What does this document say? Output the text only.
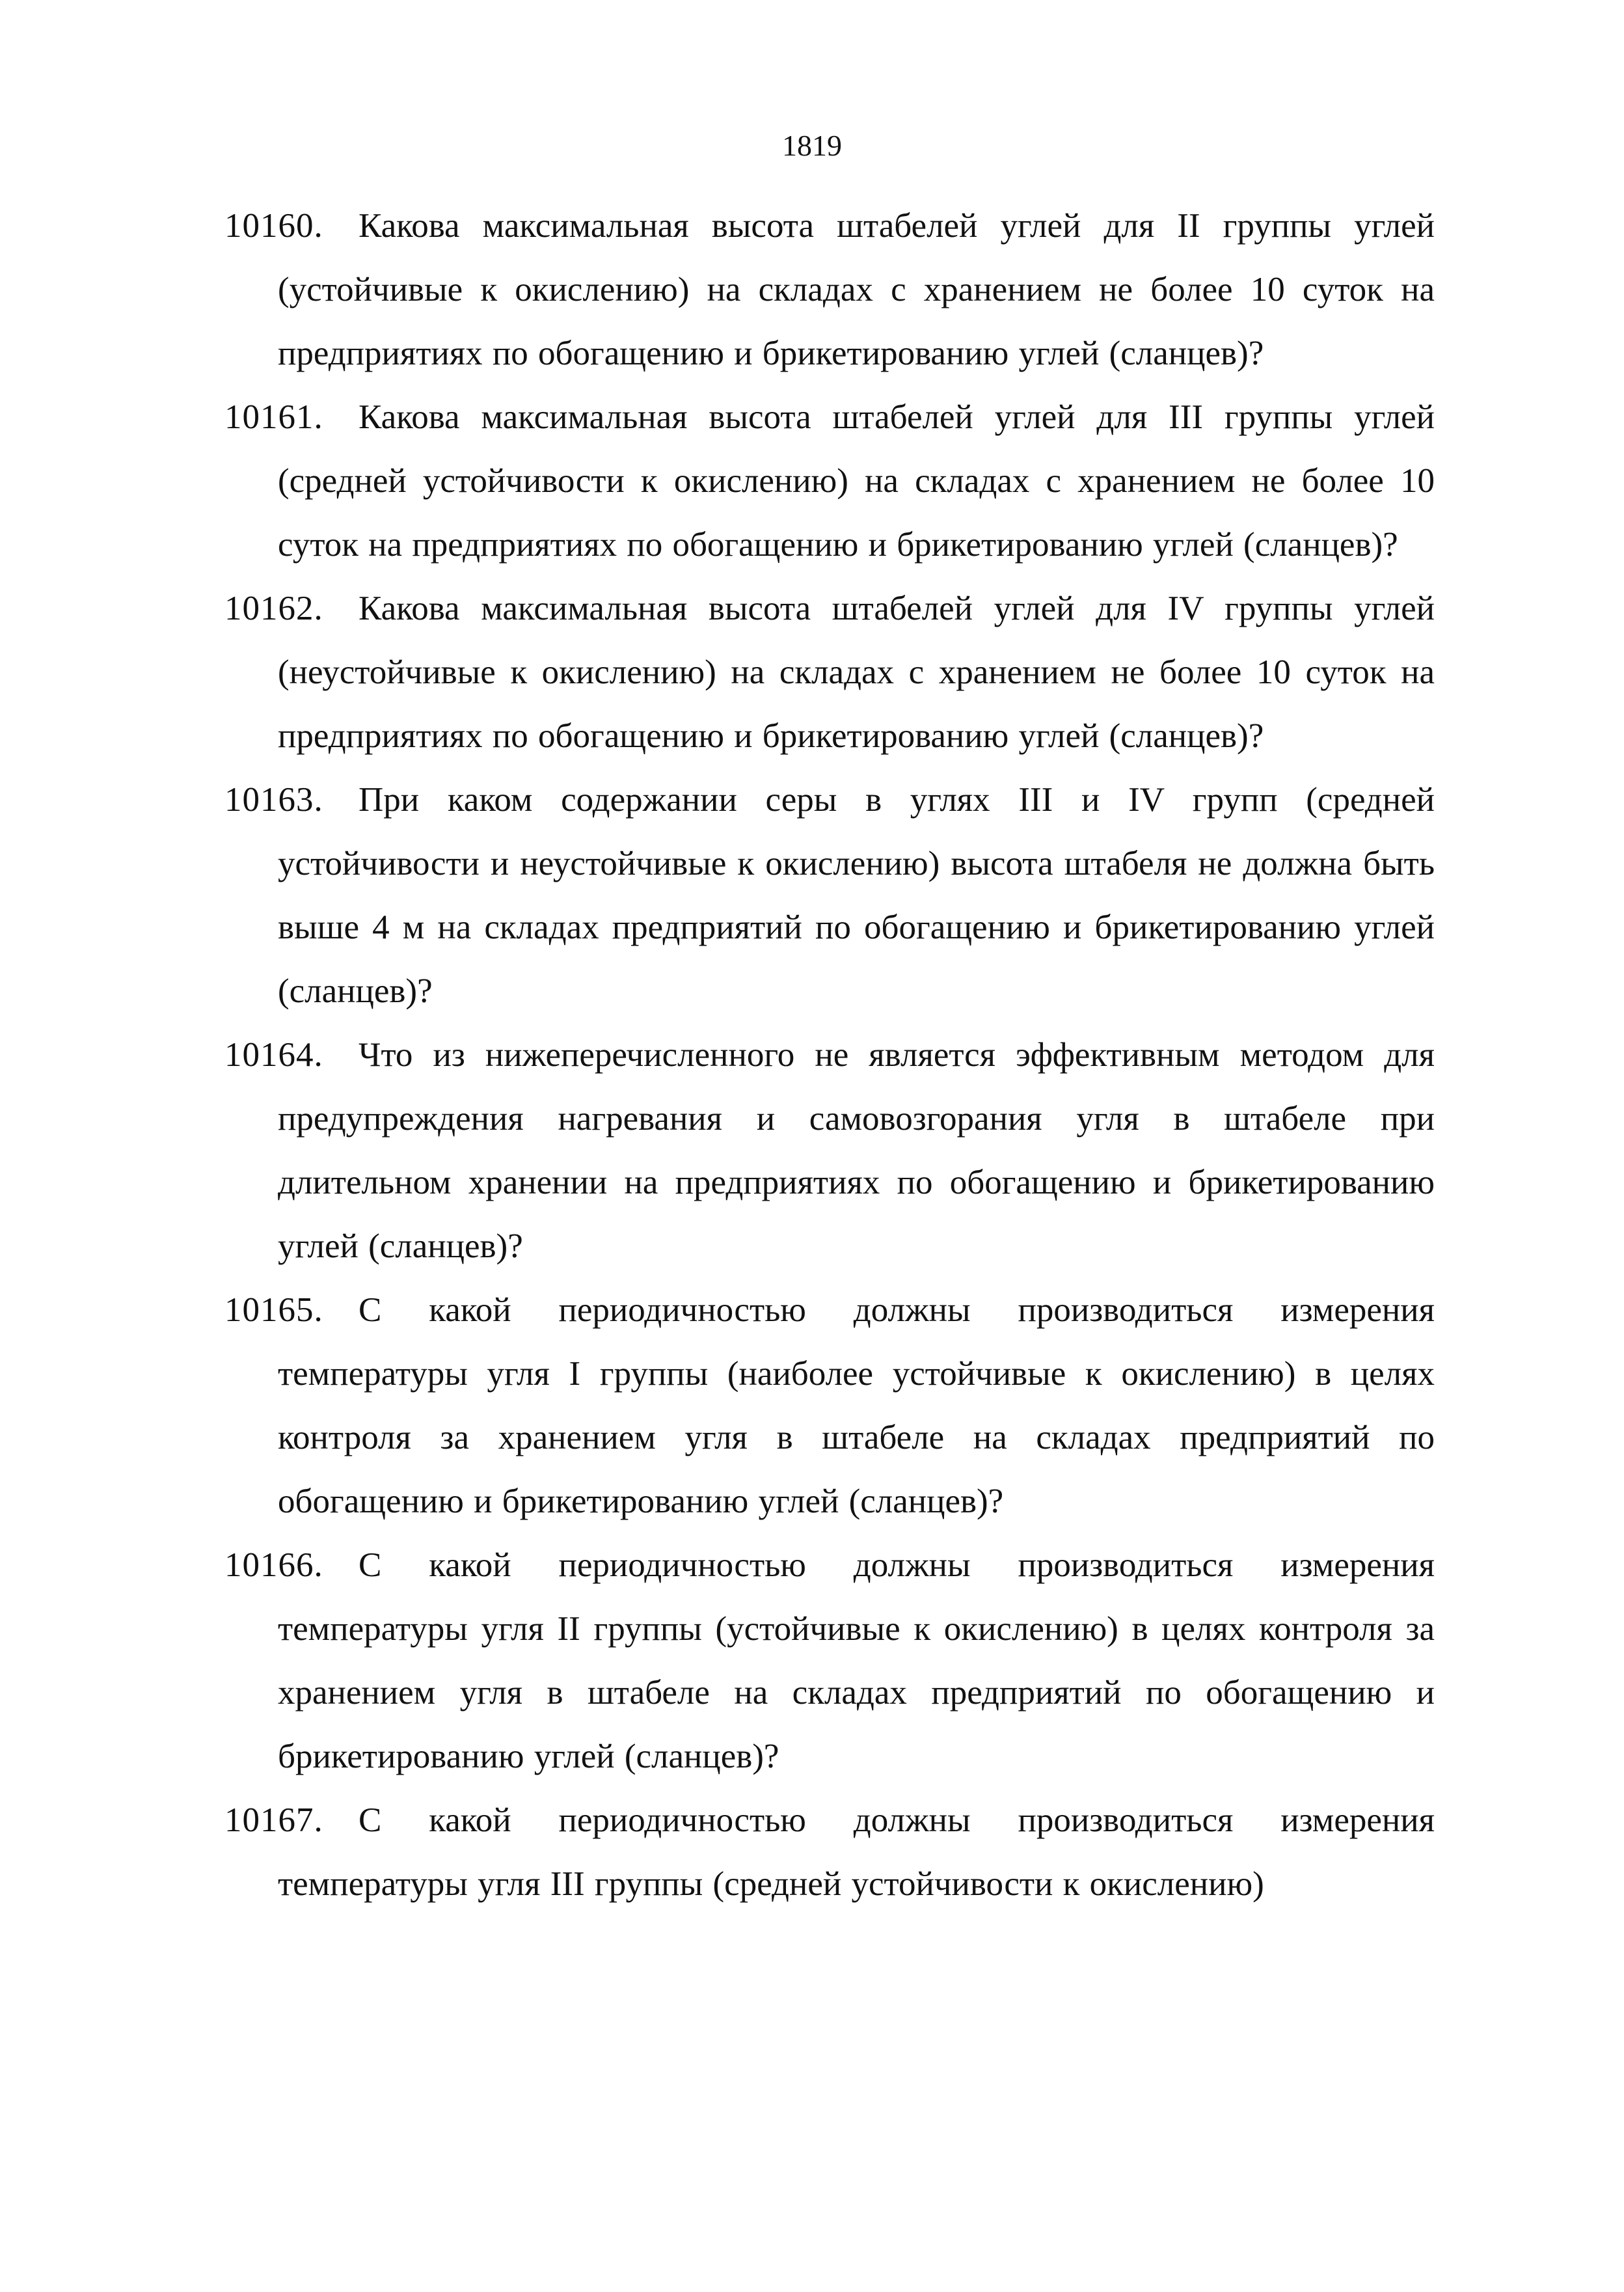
1819
10160.	Какова максимальная высота штабелей углей для II группы углей (устойчивые к окислению) на складах с хранением не более 10 суток на предприятиях по обогащению и брикетированию углей (сланцев)?
10161.	Какова максимальная высота штабелей углей для III группы углей (средней устойчивости к окислению) на складах с хранением не более 10 суток на предприятиях по обогащению и брикетированию углей (сланцев)?
10162.	Какова максимальная высота штабелей углей для IV группы углей (неустойчивые к окислению) на складах с хранением не более 10 суток на предприятиях по обогащению и брикетированию углей (сланцев)?
10163.	При каком содержании серы в углях III и IV групп (средней устойчивости и неустойчивые к окислению) высота штабеля не должна быть выше 4 м на складах предприятий по обогащению и брикетированию углей (сланцев)?
10164.	Что из нижеперечисленного не является эффективным методом для предупреждения нагревания и самовозгорания угля в штабеле при длительном хранении на предприятиях по обогащению и брикетированию углей (сланцев)?
10165.	С какой периодичностью должны производиться измерения температуры угля I группы (наиболее устойчивые к окислению) в целях контроля за хранением угля в штабеле на складах предприятий по обогащению и брикетированию углей (сланцев)?
10166.	С какой периодичностью должны производиться измерения температуры угля II группы (устойчивые к окислению) в целях контроля за хранением угля в штабеле на складах предприятий по обогащению и брикетированию углей (сланцев)?
10167.	С какой периодичностью должны производиться измерения температуры угля III группы (средней устойчивости к окислению)
